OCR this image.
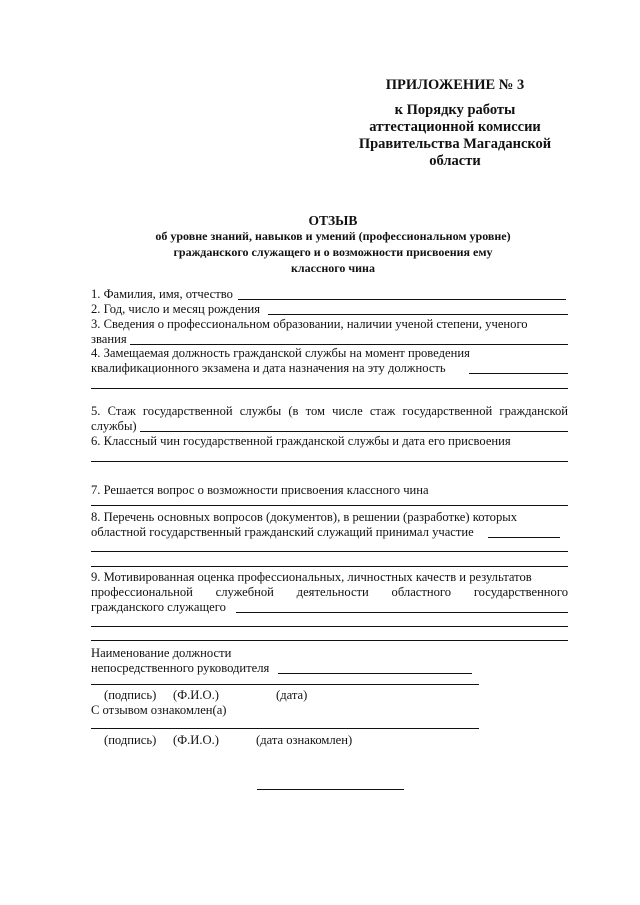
ПРИЛОЖЕНИЕ № 3
к Порядку работы
аттестационной комиссии
Правительства Магаданской
области
ОТЗЫВ
об уровне знаний, навыков и умений (профессиональном уровне)
гражданского служащего и о возможности присвоения ему
классного чина
1. Фамилия, имя, отчество
2. Год, число и месяц рождения
3. Сведения о профессиональном образовании, наличии ученой степени, ученого
звания
4. Замещаемая должность гражданской службы на момент проведения
квалификационного экзамена и дата назначения на эту должность
5. Стаж государственной службы (в том числе стаж государственной гражданской
службы)
6. Классный чин государственной гражданской службы и дата его присвоения
7. Решается вопрос о возможности присвоения классного чина
8. Перечень основных вопросов (документов), в решении (разработке) которых
областной государственный гражданский служащий принимал участие
9. Мотивированная оценка профессиональных, личностных качеств и результатов
профессиональной служебной деятельности областного государственного
гражданского служащего
Наименование должности
непосредственного руководителя
(подпись) (Ф.И.О.)	(дата)
С отзывом ознакомлен(а)
(подпись) (Ф.И.О.)	(дата ознакомлен)
